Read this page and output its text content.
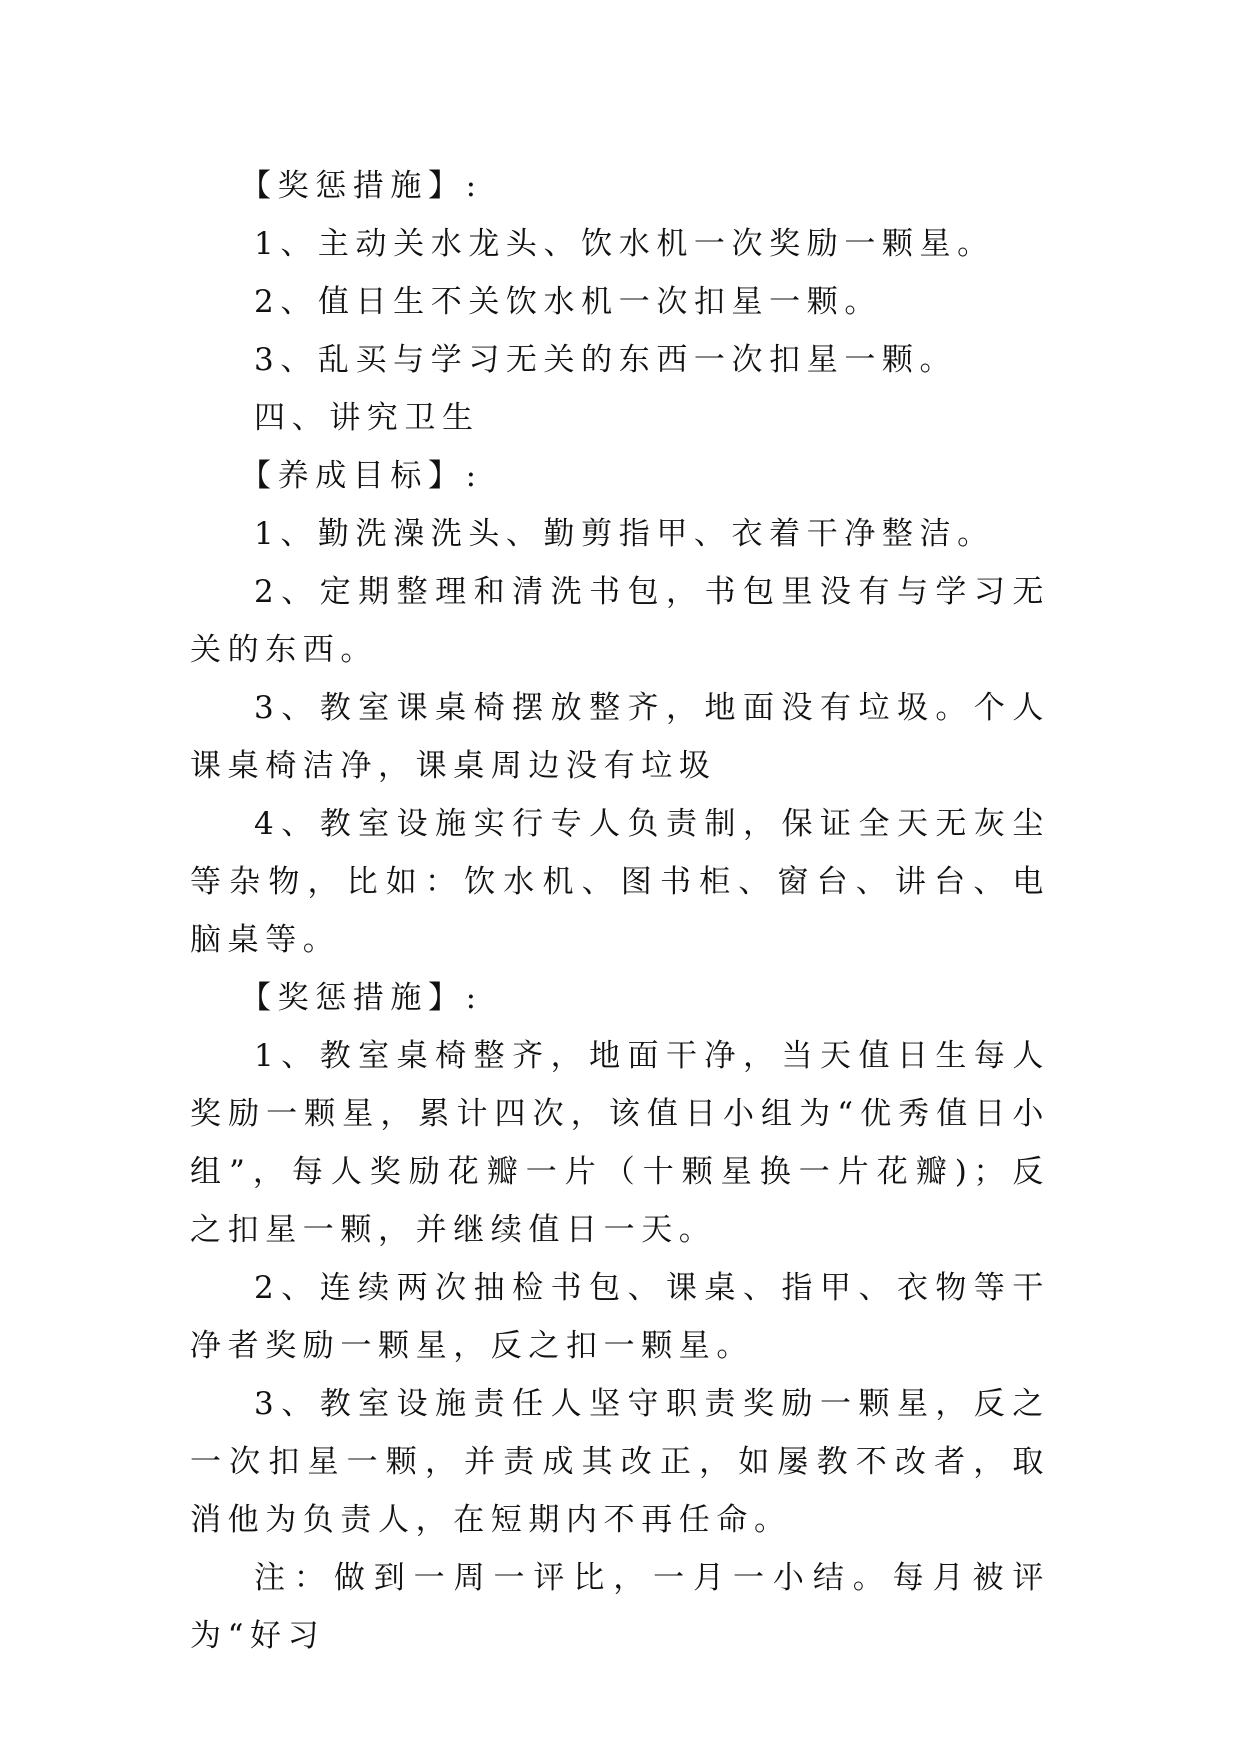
【奖惩措施】:

1、主动关水龙头、饮水机一次奖励一颗星。

2、值日生不关饮水机一次扣星一颗。

3、乱买与学习无关的东西一次扣星一颗。

四、讲究卫生

【养成目标】:

1、勤洗澡洗头、勤剪指甲、衣着干净整洁。

2、定期整理和清洗书包，书包里没有与学习无关的东西。

3、教室课桌椅摆放整齐，地面没有垃圾。个人课桌椅洁净，课桌周边没有垃圾

4、教室设施实行专人负责制，保证全天无灰尘等杂物，比如：饮水机、图书柜、窗台、讲台、电脑桌等。

【奖惩措施】:

1、教室桌椅整齐，地面干净，当天值日生每人奖励一颗星，累计四次，该值日小组为“优秀值日小组”，每人奖励花瓣一片（十颗星换一片花瓣)；反之扣星一颗，并继续值日一天。

2、连续两次抽检书包、课桌、指甲、衣物等干净者奖励一颗星，反之扣一颗星。

3、教室设施责任人坚守职责奖励一颗星，反之一次扣星一颗，并责成其改正，如屡教不改者，取消他为负责人，在短期内不再任命。

注：做到一周一评比，一月一小结。每月被评为“好习
